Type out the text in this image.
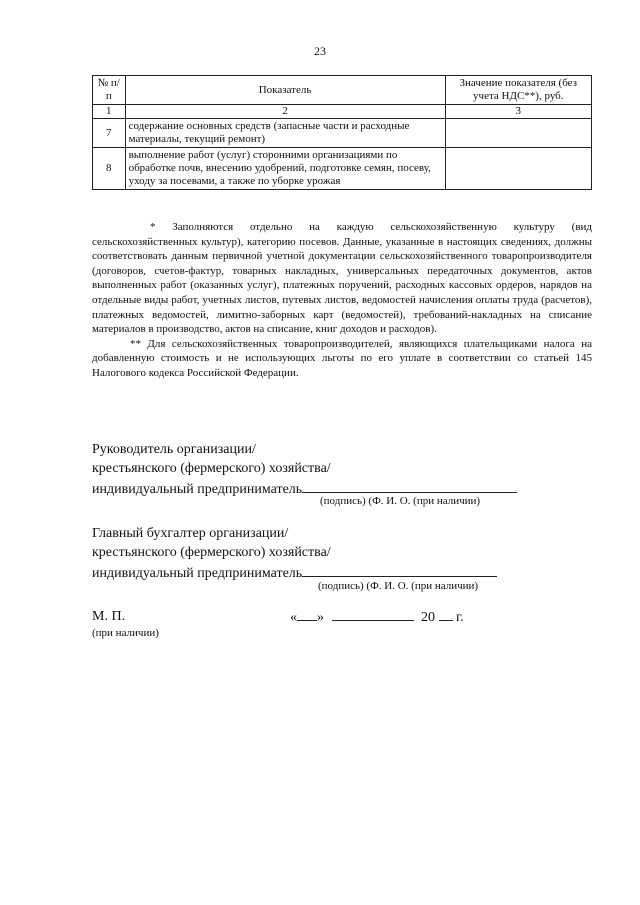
23
№ п/п	Показатель	Значение показателя (без учета НДС**), руб.
1	2	3
7	содержание основных средств (запасные части и расходные материалы, текущий ремонт)	
8	выполнение работ (услуг) сторонними организациями по обработке почв, внесению удобрений, подготовке семян, посеву, уходу за посевами, а также по уборке урожая	

* Заполняются отдельно на каждую сельскохозяйственную культуру (вид сельскохозяйственных культур), категорию посевов. Данные, указанные в настоящих сведениях, должны соответствовать данным первичной учетной документации сельскохозяйственного товаропроизводителя (договоров, счетов-фактур, товарных накладных, универсальных передаточных документов, актов выполненных работ (оказанных услуг), платежных поручений, расходных кассовых ордеров, нарядов на отдельные виды работ, учетных листов, путевых листов, ведомостей начисления оплаты труда (расчетов), платежных ведомостей, лимитно-заборных карт (ведомостей), требований-накладных на списание материалов в производство, актов на списание, книг доходов и расходов).

** Для сельскохозяйственных товаропроизводителей, являющихся плательщиками налога на добавленную стоимость и не использующих льготы по его уплате в соответствии со статьей 145 Налогового кодекса Российской Федерации.

Руководитель организации/
крестьянского (фермерского) хозяйства/
индивидуальный предприниматель
(подпись) (Ф. И. О. (при наличии)
Главный бухгалтер организации/
крестьянского (фермерского) хозяйства/
индивидуальный предприниматель
(подпись) (Ф. И. О. (при наличии)
М. П.
(при наличии)
« »	20 г.
